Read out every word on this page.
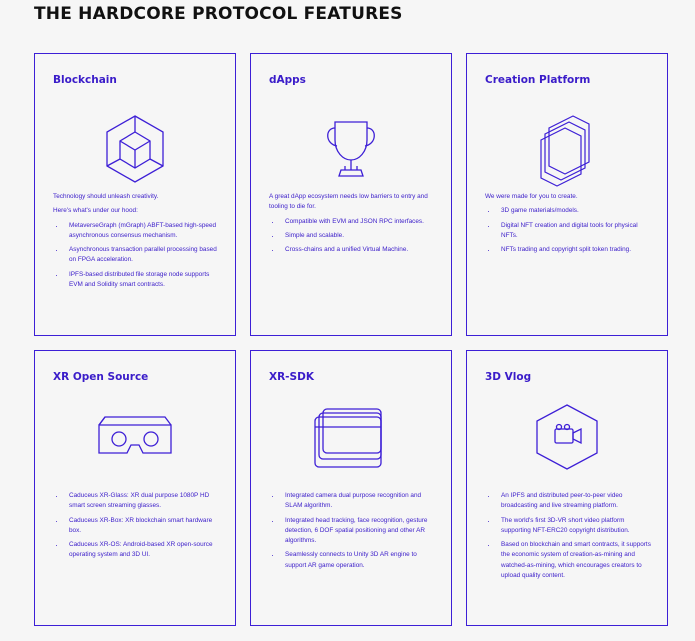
THE HARDCORE PROTOCOL FEATURES
Blockchain

Technology should unleash creativity.

Here's what's under our hood:

• MetaverseGraph (mGraph) ABFT-based high-speed asynchronous consensus mechanism.
• Asynchronous transaction parallel processing based on FPGA acceleration.
• IPFS-based distributed file storage node supports EVM and Solidity smart contracts.
dApps

A great dApp ecosystem needs low barriers to entry and tooling to die for.

• Compatible with EVM and JSON RPC interfaces.
• Simple and scalable.
• Cross-chains and a unified Virtual Machine.
Creation Platform

We were made for you to create.

• 3D game materials/models.
• Digital NFT creation and digital tools for physical NFTs.
• NFTs trading and copyright split token trading.
XR Open Source
• Caduceus XR-Glass: XR dual purpose 1080P HD smart screen streaming glasses.
• Caduceus XR-Box: XR blockchain smart hardware box.
• Caduceus XR-OS: Android-based XR open-source operating system and 3D UI.
XR-SDK
• Integrated camera dual purpose recognition and SLAM algorithm.
• Integrated head tracking, face recognition, gesture detection, 6 DOF spatial positioning and other AR algorithms.
• Seamlessly connects to Unity 3D AR engine to support AR game operation.
3D Vlog
• An IPFS and distributed peer-to-peer video broadcasting and live streaming platform.
• The world's first 3D-VR short video platform supporting NFT-ERC20 copyright distribution.
• Based on blockchain and smart contracts, it supports the economic system of creation-as-mining and watched-as-mining, which encourages creators to upload quality content.
